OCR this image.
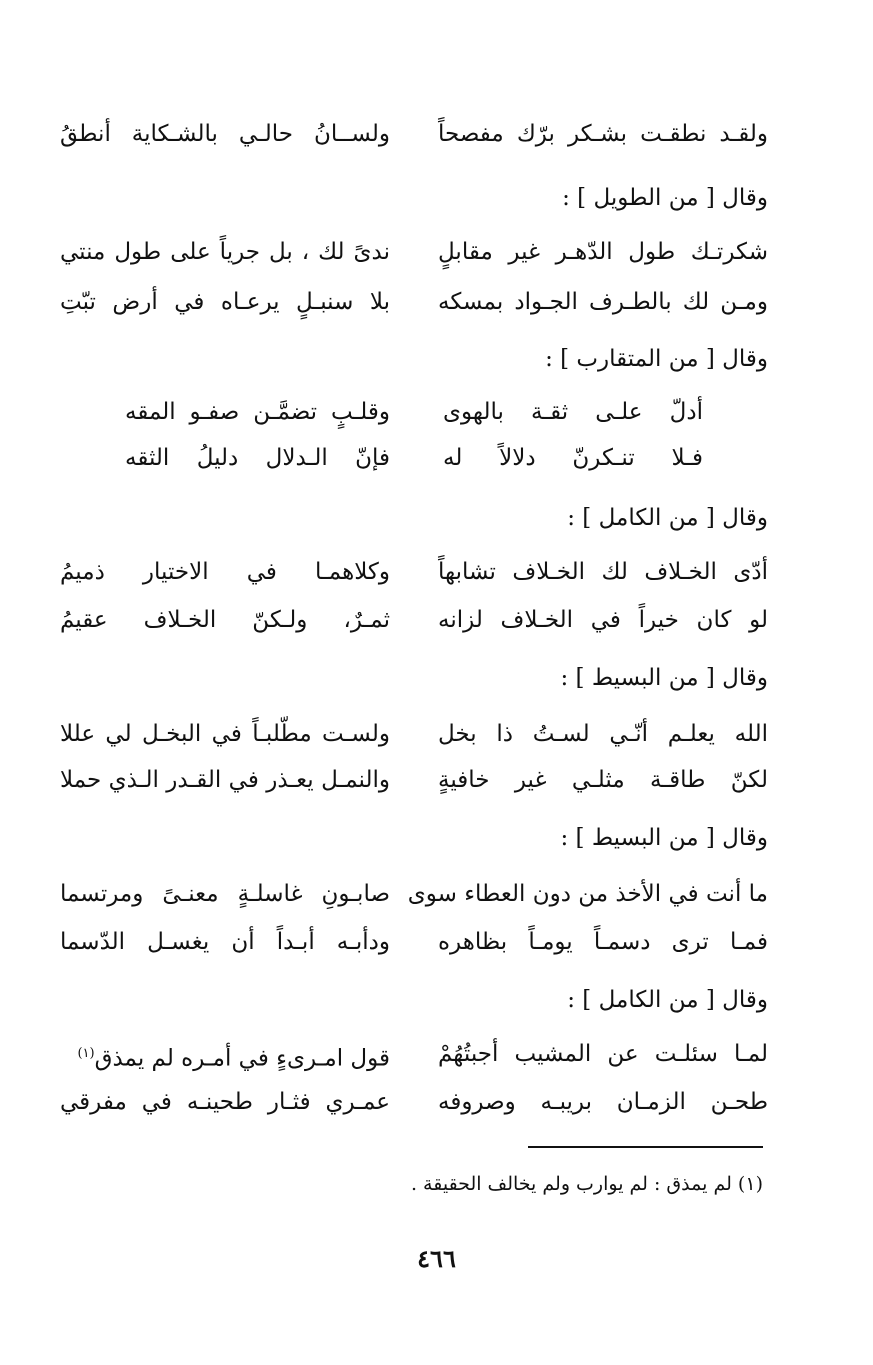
ولقـد نطقـت بشـكر برّك مفصحاً
ولســانُ حالـي بالشـكاية أنطقُ
وقال [ من الطويل ] :
شكرتـك طول الدّهـر غير مقابلٍ
ندىً لك ، بل جرياً على طول منتي
ومـن لك بالطـرف الجـواد بمسكه
بلا سنبـلٍ يرعـاه في أرض تبّتِ
وقال [ من المتقارب ] :
أدلّ علـى ثقـة بالهوى
وقلـبٍ تضمَّـن صفـو المقه
فـلا تنـكرنّ دلالاً له
فإنّ الـدلال دليلُ الثقه
وقال [ من الكامل ] :
أدّى الخـلاف لك الخـلاف تشابهاً
وكلاهمـا في الاختيار ذميمُ
لو كان خيراً في الخـلاف لزانه
ثمـرٌ، ولـكنّ الخـلاف عقيمُ
وقال [ من البسيط ] :
الله يعلـم أنّـي لسـتُ ذا بخل
ولسـت مطّلبـاً في البخـل لي عللا
لكنّ طاقـة مثلـي غير خافيةٍ
والنمـل يعـذر في القـدر الـذي حملا
وقال [ من البسيط ] :
ما أنت في الأخذ من دون العطاء سوى
صابـونِ غاسلـةٍ معنـىً ومرتسما
فمـا ترى دسمـاً يومـاً بظاهره
ودأبـه أبـداً أن يغسـل الدّسما
وقال [ من الكامل ] :
لمـا سئلـت عن المشيب أجبتُهُمْ
قول امـرىءٍ في أمـره لم يمذق$^{(١)}$
طحـن الزمـان بريبـه وصروفه
عمـري فثـار طحينـه في مفرقي
(١) لم يمذق : لم يوارب ولم يخالف الحقيقة .
٤٦٦
